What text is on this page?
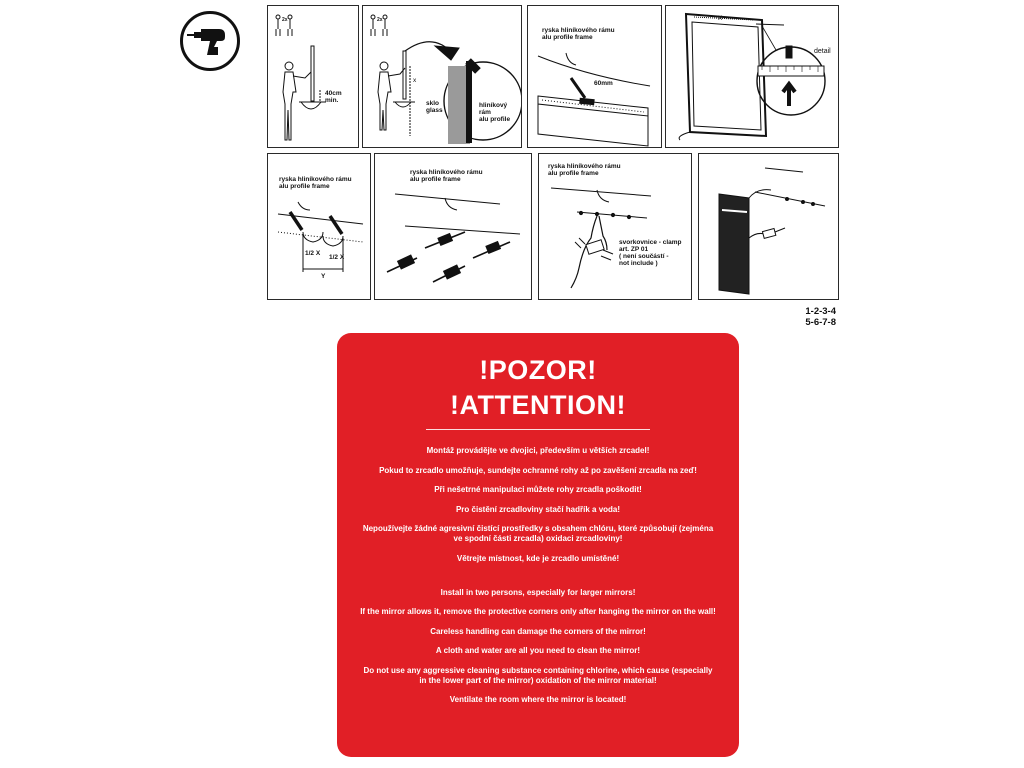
2x
40cm
min.
2x
x
sklo
glass
hliníkový
rám
alu profile
ryska hliníkového rámu
alu profile frame
60mm
X
detail
ryska hliníkového rámu
alu profile frame
1/2 X
1/2 X
Y
ryska hliníkového rámu
alu profile frame
ryska hliníkového rámu
alu profile frame
svorkovnice - clamp
art. ZP 01
( není součástí -
not include )
1-2-3-4
5-6-7-8
!POZOR!
!ATTENTION!

Montáž provádějte ve dvojici, především u větších zrcadel!

Pokud to zrcadlo umožňuje, sundejte ochranné rohy až po zavěšení zrcadla na zeď!

Při nešetrné manipulaci můžete rohy zrcadla poškodit!

Pro čistění zrcadloviny stačí hadřík a voda!

Nepoužívejte žádné agresivní čistící prostředky s obsahem chlóru, které způsobují (zejména ve spodní části zrcadla) oxidaci zrcadloviny!

Větrejte místnost, kde je zrcadlo umístěné!

Install in two persons, especially for larger mirrors!

If the mirror allows it, remove the protective corners only after hanging the mirror on the wall!

Careless handling can damage the corners of the mirror!

A cloth and water are all you need to clean the mirror!

Do not use any aggressive cleaning substance containing chlorine, which cause (especially in the lower part of the mirror) oxidation of the mirror material!

Ventilate the room where the mirror is located!
